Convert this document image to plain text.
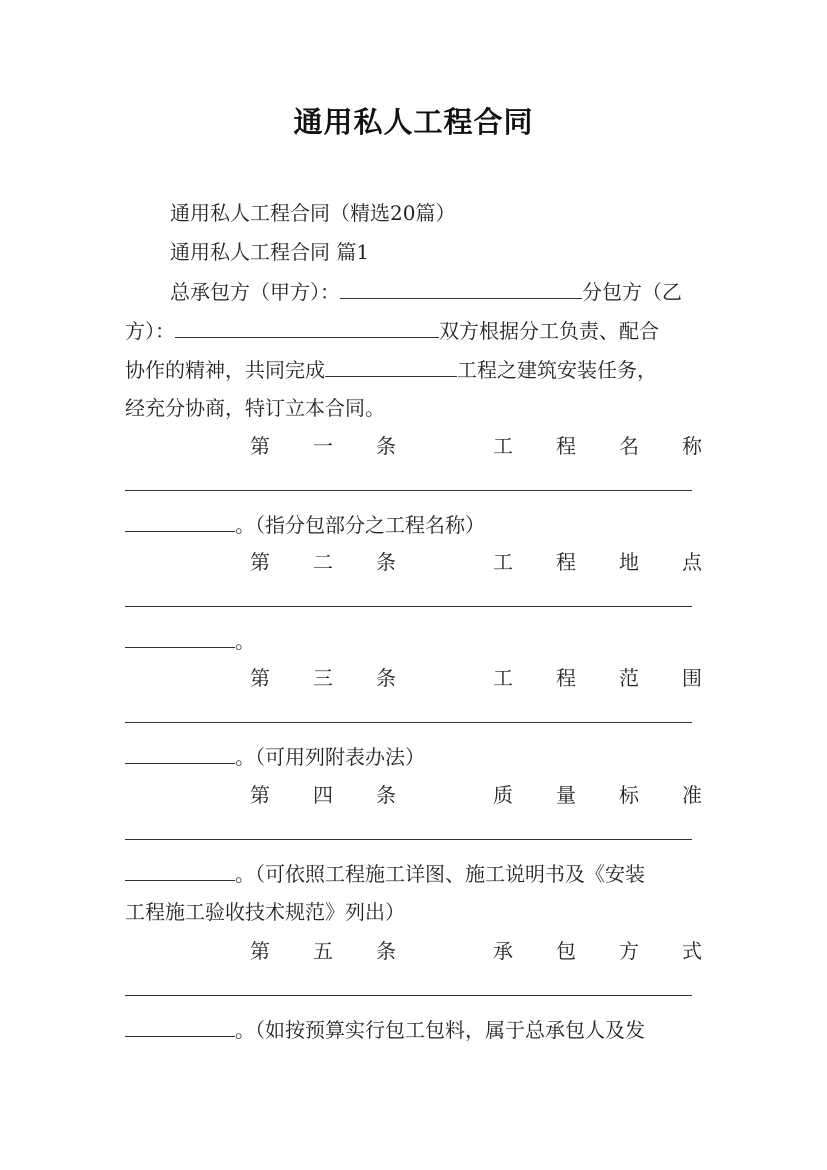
通用私人工程合同
通用私人工程合同（精选20篇）
通用私人工程合同 篇1
总承包方（甲方）：	分包方（乙
方）：	双方根据分工负责、配合
协作的精神，共同完成	工程之建筑安装任务，
经充分协商，特订立本合同。
第 一 条	工 程 名 称
。（指分包部分之工程名称）
第 二 条	工 程 地 点
。
第 三 条	工 程 范 围
。（可用列附表办法）
第 四 条	质 量 标 准
。（可依照工程施工详图、施工说明书及《安装
工程施工验收技术规范》列出）
第 五 条	承 包 方 式
。（如按预算实行包工包料，属于总承包人及发
